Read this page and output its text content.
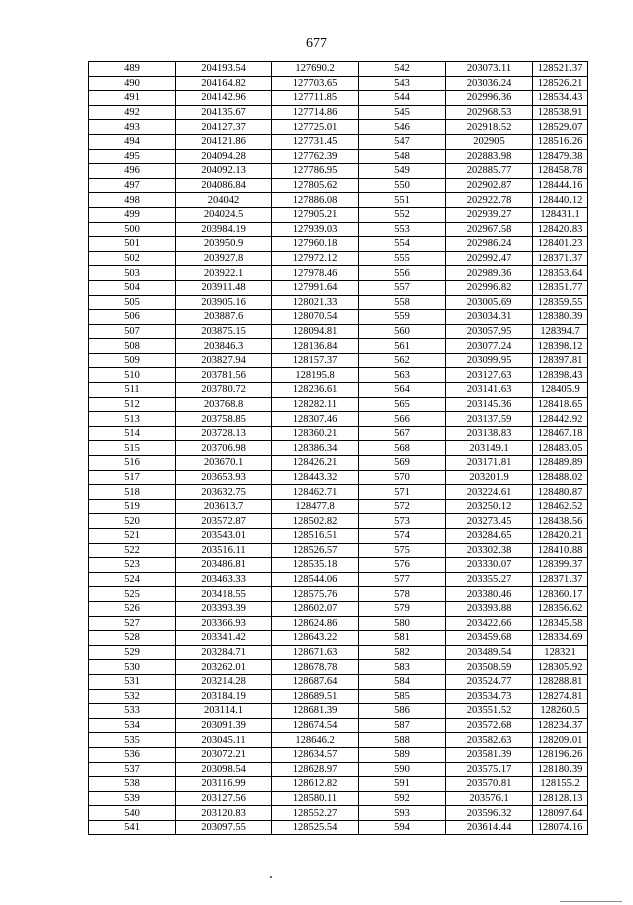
677
489	204193.54	127690.2	542	203073.11	128521.37
490	204164.82	127703.65	543	203036.24	128526.21
491	204142.96	127711.85	544	202996.36	128534.43
492	204135.67	127714.86	545	202968.53	128538.91
493	204127.37	127725.01	546	202918.52	128529.07
494	204121.86	127731.45	547	202905	128516.26
495	204094.28	127762.39	548	202883.98	128479.38
496	204092.13	127786.95	549	202885.77	128458.78
497	204086.84	127805.62	550	202902.87	128444.16
498	204042	127886.08	551	202922.78	128440.12
499	204024.5	127905.21	552	202939.27	128431.1
500	203984.19	127939.03	553	202967.58	128420.83
501	203950.9	127960.18	554	202986.24	128401.23
502	203927.8	127972.12	555	202992.47	128371.37
503	203922.1	127978.46	556	202989.36	128353.64
504	203911.48	127991.64	557	202996.82	128351.77
505	203905.16	128021.33	558	203005.69	128359.55
506	203887.6	128070.54	559	203034.31	128380.39
507	203875.15	128094.81	560	203057.95	128394.7
508	203846.3	128136.84	561	203077.24	128398.12
509	203827.94	128157.37	562	203099.95	128397.81
510	203781.56	128195.8	563	203127.63	128398.43
511	203780.72	128236.61	564	203141.63	128405.9
512	203768.8	128282.11	565	203145.36	128418.65
513	203758.85	128307.46	566	203137.59	128442.92
514	203728.13	128360.21	567	203138.83	128467.18
515	203706.98	128386.34	568	203149.1	128483.05
516	203670.1	128426.21	569	203171.81	128489.89
517	203653.93	128443.32	570	203201.9	128488.02
518	203632.75	128462.71	571	203224.61	128480.87
519	203613.7	128477.8	572	203250.12	128462.52
520	203572.87	128502.82	573	203273.45	128438.56
521	203543.01	128516.51	574	203284.65	128420.21
522	203516.11	128526.57	575	203302.38	128410.88
523	203486.81	128535.18	576	203330.07	128399.37
524	203463.33	128544.06	577	203355.27	128371.37
525	203418.55	128575.76	578	203380.46	128360.17
526	203393.39	128602.07	579	203393.88	128356.62
527	203366.93	128624.86	580	203422.66	128345.58
528	203341.42	128643.22	581	203459.68	128334.69
529	203284.71	128671.63	582	203489.54	128321
530	203262.01	128678.78	583	203508.59	128305.92
531	203214.28	128687.64	584	203524.77	128288.81
532	203184.19	128689.51	585	203534.73	128274.81
533	203114.1	128681.39	586	203551.52	128260.5
534	203091.39	128674.54	587	203572.68	128234.37
535	203045.11	128646.2	588	203582.63	128209.01
536	203072.21	128634.57	589	203581.39	128196.26
537	203098.54	128628.97	590	203575.17	128180.39
538	203116.99	128612.82	591	203570.81	128155.2
539	203127.56	128580.11	592	203576.1	128128.13
540	203120.83	128552.27	593	203596.32	128097.64
541	203097.55	128525.54	594	203614.44	128074.16
